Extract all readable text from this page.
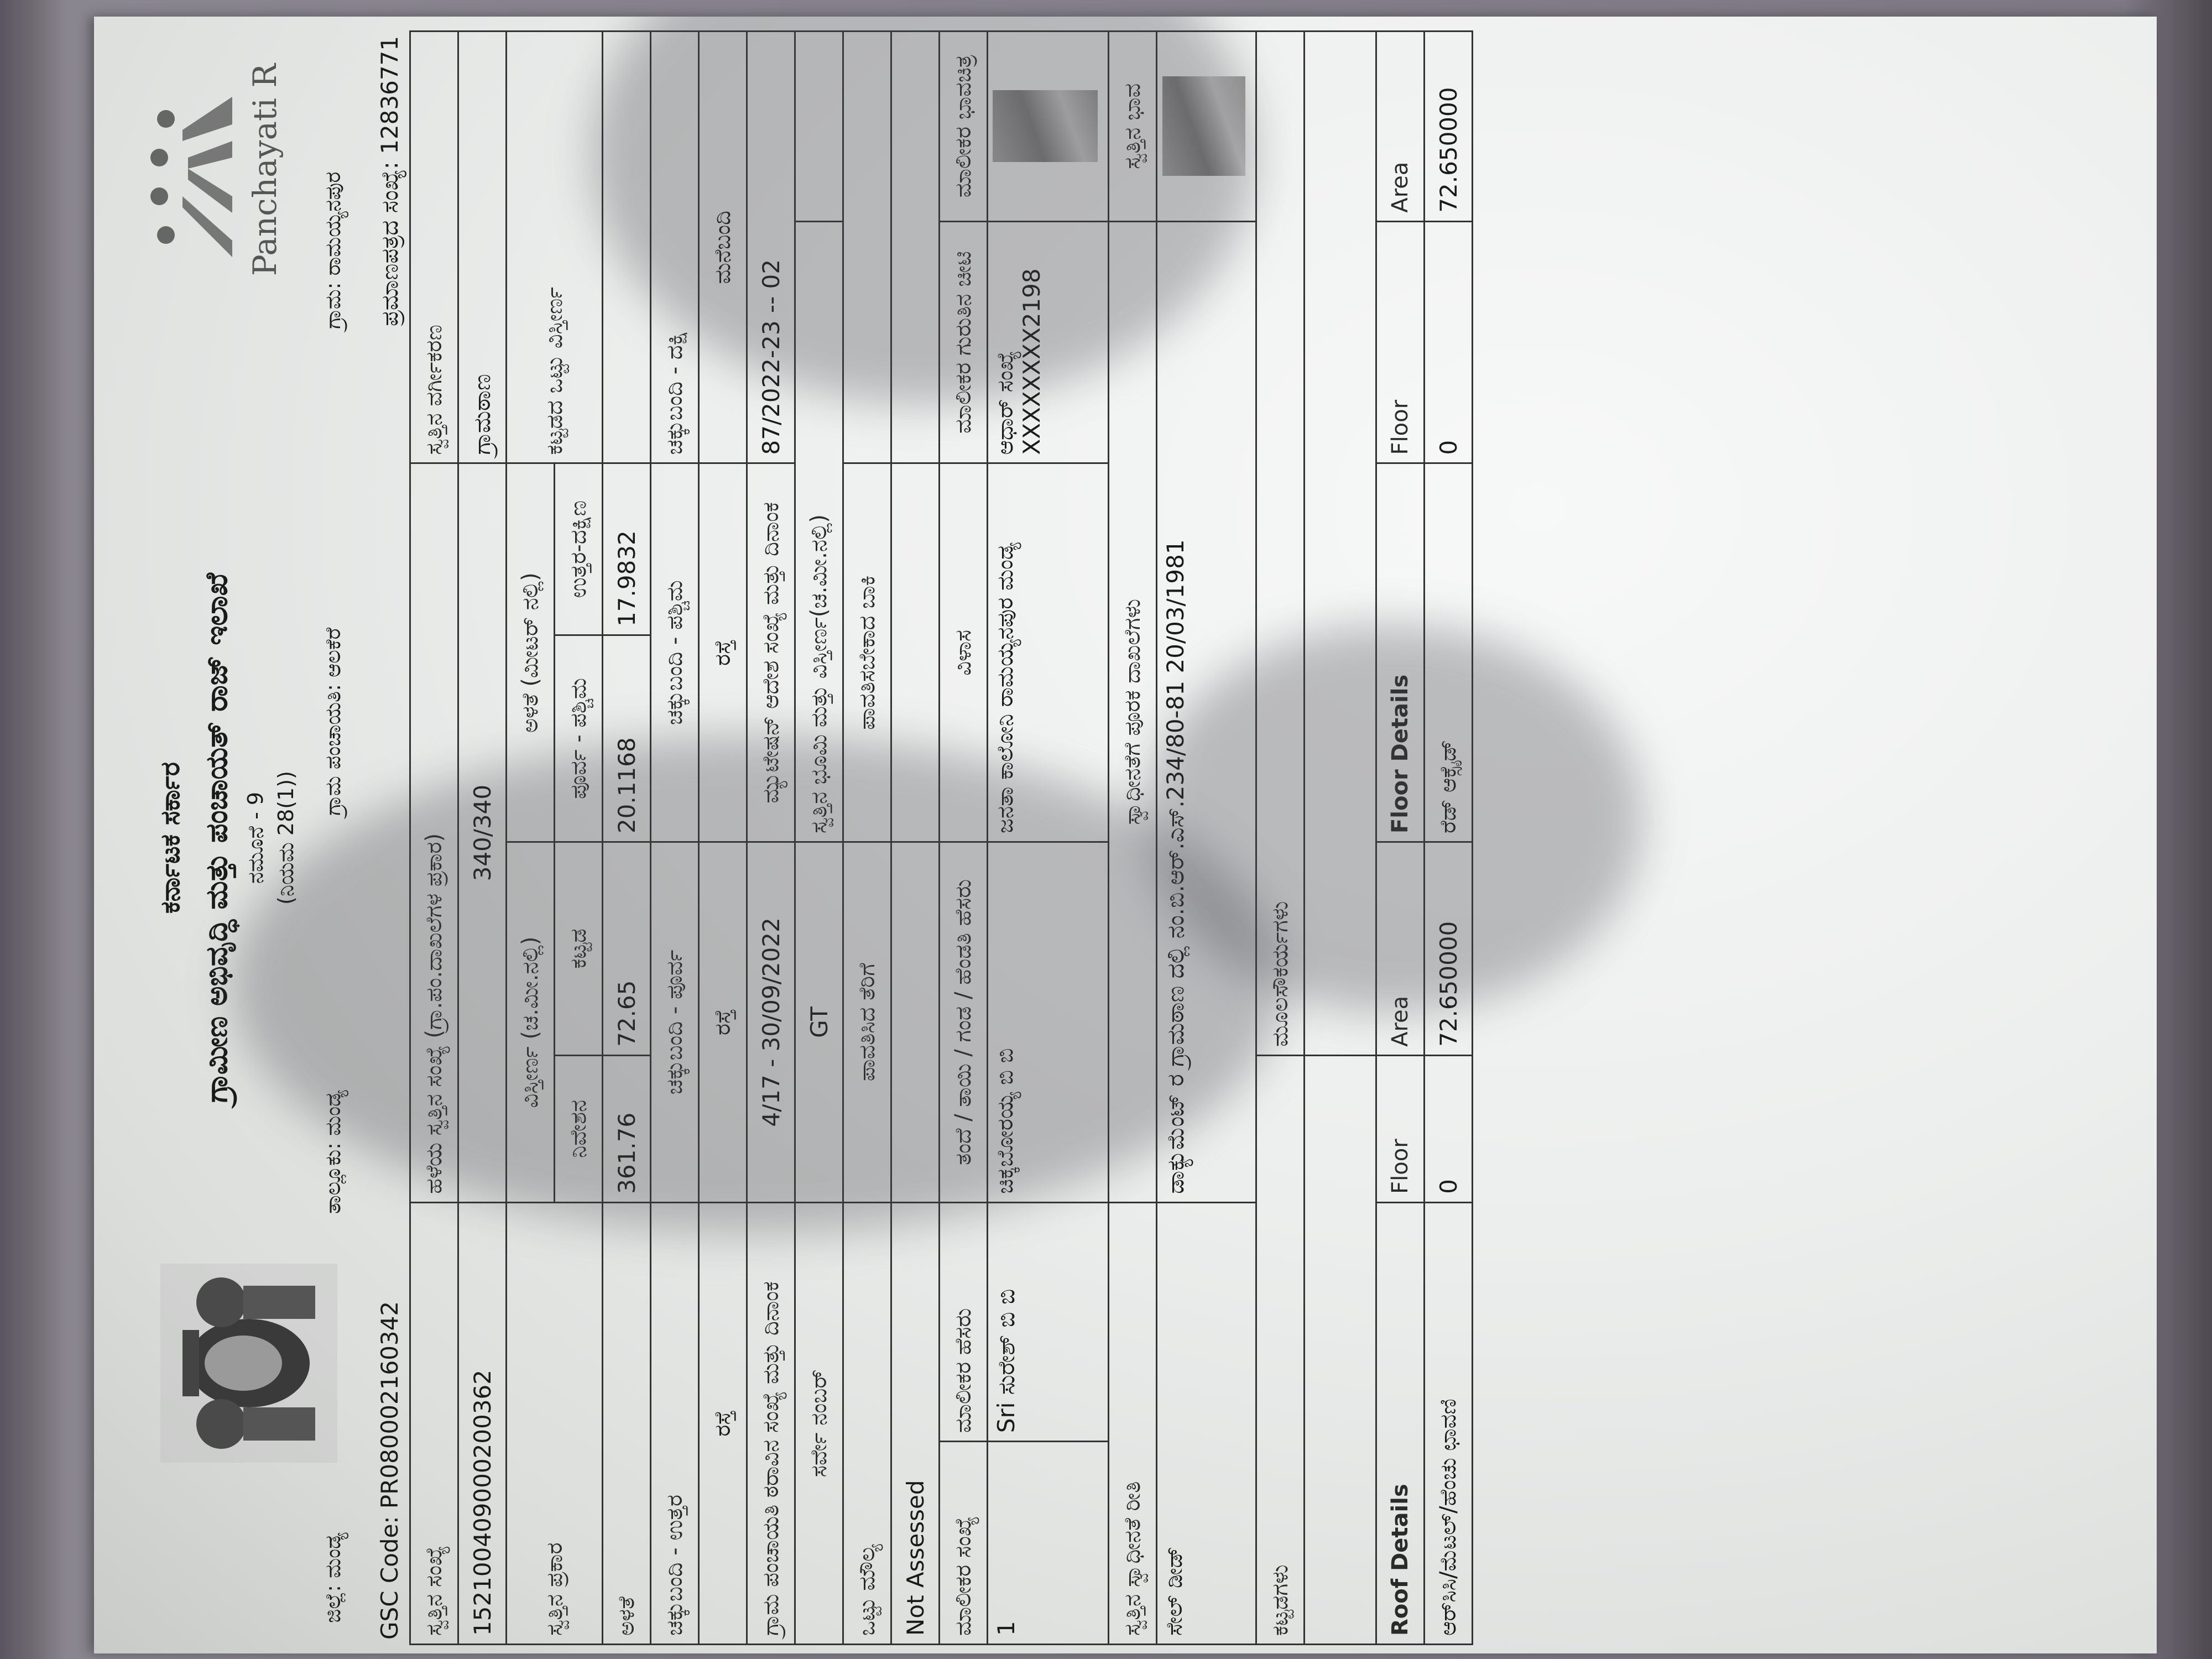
ಕರ್ನಾಟಕ ಸರ್ಕಾರ ಗ್ರಾಮೀಣ ಅಭಿವೃದ್ಧಿ ಮತ್ತು ಪಂಚಾಯತ್ ರಾಜ್ ಇಲಾಖೆ ನಮೂನೆ - 9 (ನಿಯಮ 28(1))
Panchayati R
ಜಿಲ್ಲೆ: ಮಂಡ್ಯ
ತಾಲ್ಲೂಕು: ಮಂಡ್ಯ
ಗ್ರಾಮ ಪಂಚಾಯತಿ: ಆಲಕೆರೆ
ಗ್ರಾಮ: ರಾಮಯ್ಯನಪುರ
GSC Code: PR080002160342
ಪ್ರಮಾಣಪತ್ರದ ಸಂಖ್ಯೆ: 12836771
ಸ್ವತ್ತಿನ ಸಂಖ್ಯೆ		ಹಳೆಯ ಸ್ವತ್ತಿನ ಸಂಖ್ಯೆ (ಗ್ರಾ.ಪಂ.ದಾಖಲೆಗಳ ಪ್ರಕಾರ)				ಸ್ವತ್ತಿನ ವರ್ಗೀಕರಣ	
152100409000200362		340/340				ಗ್ರಾಮಠಾಣ	
ಸ್ವತ್ತಿನ ಪ್ರಕಾರ		ವಿಸ್ತೀರ್ಣ (ಚ.ಮೀ.ನಲ್ಲಿ)		ಅಳತೆ (ಮೀಟರ್ ನಲ್ಲಿ)		ಕಟ್ಟಡದ ಒಟ್ಟು ವಿಸ್ತೀರ್ಣ	
		ನಿವೇಶನ	ಕಟ್ಟಡ	ಪೂರ್ವ - ಪಶ್ಚಿಮ	ಉತ್ತರ-ದಕ್ಷಿಣ		
ಅಳತೆ		361.76	72.65	20.1168	17.9832		
ಚಕ್ಕುಬಂದಿ - ಉತ್ತರ		ಚಕ್ಕುಬಂದಿ - ಪೂರ್ವ		ಚಕ್ಕುಬಂದಿ - ಪಶ್ಚಿಮ		ಚಕ್ಕುಬಂದಿ - ದಕ್ಷಿ	
ರಸ್ತೆ		ರಸ್ತೆ		ರಸ್ತೆ		ಮನೆಬಂದಿ	
ಗ್ರಾಮ ಪಂಚಾಯತಿ ಠರಾವಿನ ಸಂಖ್ಯೆ ಮತ್ತು ದಿನಾಂಕ		4/17 - 30/09/2022		ಮ್ಯುಟೇಷನ್ ಆದೇಶ ಸಂಖ್ಯೆ ಮತ್ತು ದಿನಾಂಕ		87/2022-23 -- 02	
ಸರ್ವೇ ನಂಬರ್		GT		ಸ್ವತ್ತಿನ ಭೂಮಿ ಮತ್ತು ವಿಸ್ತೀರ್ಣ(ಚ.ಮೀ.ನಲ್ಲಿ)			
ಒಟ್ಟು ಮೌಲ್ಯ		ಪಾವತಿಸಿದ ತೆರಿಗೆ		ಪಾವತಿಸಬೇಕಾದ ಬಾಕಿ			
Not Assessed							
ಮಾಲೀಕರ ಸಂಖ್ಯೆ	ಮಾಲೀಕರ ಹೆಸರು	ತಂದೆ / ತಾಯಿ / ಗಂಡ / ಹೆಂಡತಿ ಹೆಸರು		ವಿಳಾಸ		ಮಾಲೀಕರ ಗುರುತಿನ ಚೀಟಿ	ಮಾಲೀಕರ ಭಾವಚಿತ್ರ
1	Sri ಸುರೇಶ್ ಬಿ ಬಿ	ಚಿಕ್ಕಬೋರಯ್ಯ ಬಿ ಬಿ		ಜನತಾ ಕಾಲೋನಿ ರಾಮಯ್ಯನಪುರ ಮಂಡ್ಯ		ಆಧಾರ್ ಸಂಖ್ಯೆ XXXXXXXX2198	

ಸ್ವತ್ತಿನ ಸ್ವಾಧೀನತೆ ರೀತಿ		ಸ್ವಾಧೀನತೆಗೆ ಪೂರಕ ದಾಖಲೆಗಳು					ಸ್ವತ್ತಿನ ಭಾವ
ಸೇಲ್ ಡೀಡ್		ಡಾಕ್ಯುಮೆಂಟ್ ರ ಗ್ರಾಮಠಾಣ ದಲ್ಲಿ ನಂ.ಬಿ.ಆರ್.ಎಸ್.234/80-81 20/03/1981					
ಕಟ್ಟಡಗಳು			ಮೂಲಸೌಕರ್ಯಗಳು				

Roof Details		Floor	Area	Floor Details		Floor	Area
ಆರ್‌ಸಿಸಿ/ಮೆಟಲ್/ಹೆಂಚು ಛಾವಣಿ		0	72.650000	ರೆಡ್ ಆಕ್ಸೈಡ್		0	72.650000
